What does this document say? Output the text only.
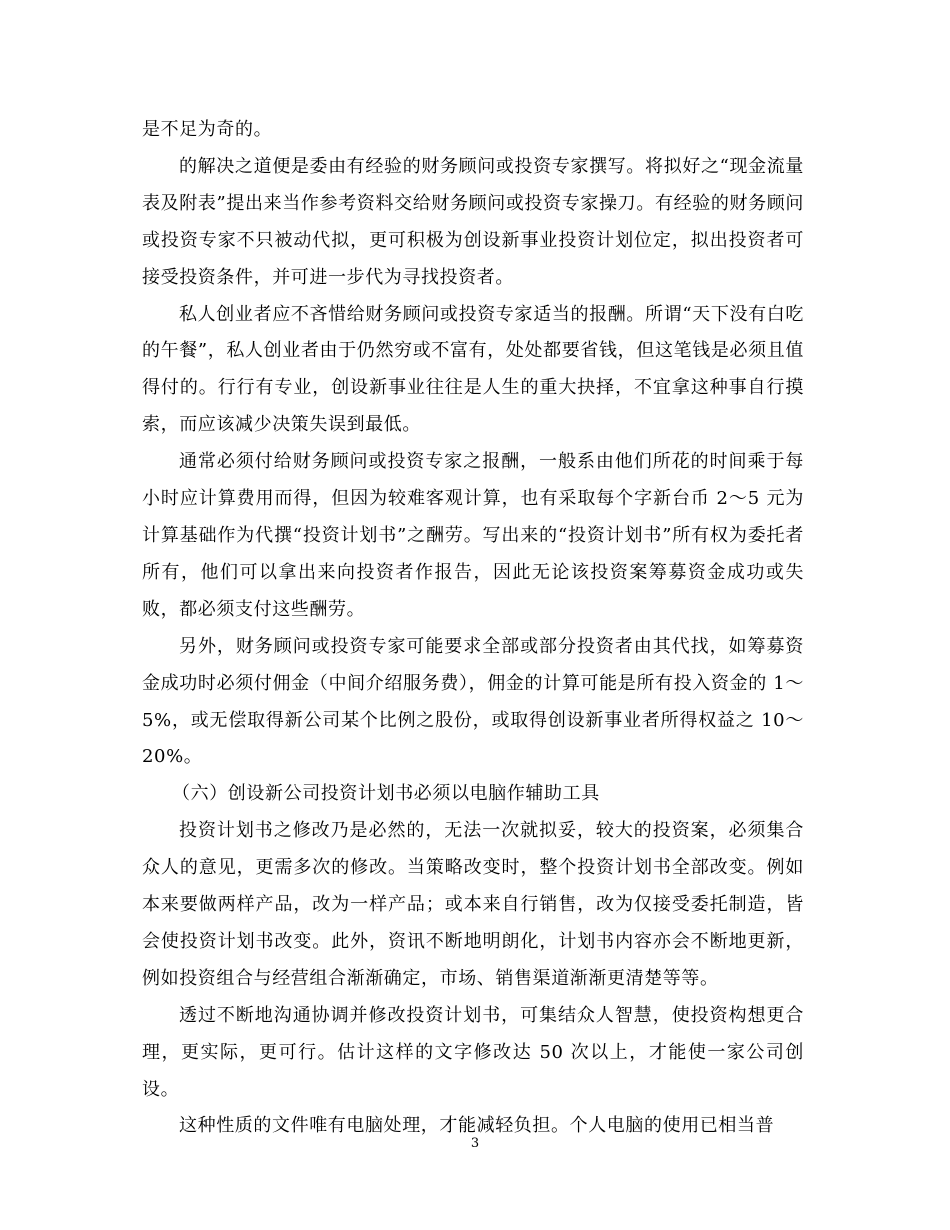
是不足为奇的。

的解决之道便是委由有经验的财务顾问或投资专家撰写。将拟好之“现金流量表及附表”提出来当作参考资料交给财务顾问或投资专家操刀。有经验的财务顾问或投资专家不只被动代拟，更可积极为创设新事业投资计划位定，拟出投资者可接受投资条件，并可进一步代为寻找投资者。

私人创业者应不吝惜给财务顾问或投资专家适当的报酬。所谓“天下没有白吃的午餐”，私人创业者由于仍然穷或不富有，处处都要省钱，但这笔钱是必须且值得付的。行行有专业，创设新事业往往是人生的重大抉择，不宜拿这种事自行摸索，而应该减少决策失误到最低。

通常必须付给财务顾问或投资专家之报酬，一般系由他们所花的时间乘于每小时应计算费用而得，但因为较难客观计算，也有采取每个字新台币 2～5 元为计算基础作为代撰“投资计划书”之酬劳。写出来的“投资计划书”所有权为委托者所有，他们可以拿出来向投资者作报告，因此无论该投资案筹募资金成功或失败，都必须支付这些酬劳。

另外，财务顾问或投资专家可能要求全部或部分投资者由其代找，如筹募资金成功时必须付佣金（中间介绍服务费），佣金的计算可能是所有投入资金的 1～5%，或无偿取得新公司某个比例之股份，或取得创设新事业者所得权益之 10～20%。

（六）创设新公司投资计划书必须以电脑作辅助工具

投资计划书之修改乃是必然的，无法一次就拟妥，较大的投资案，必须集合众人的意见，更需多次的修改。当策略改变时，整个投资计划书全部改变。例如本来要做两样产品，改为一样产品；或本来自行销售，改为仅接受委托制造，皆会使投资计划书改变。此外，资讯不断地明朗化，计划书内容亦会不断地更新，例如投资组合与经营组合渐渐确定，市场、销售渠道渐渐更清楚等等。

透过不断地沟通协调并修改投资计划书，可集结众人智慧，使投资构想更合理，更实际，更可行。估计这样的文字修改达 50 次以上，才能使一家公司创设。

这种性质的文件唯有电脑处理，才能减轻负担。个人电脑的使用已相当普

3
